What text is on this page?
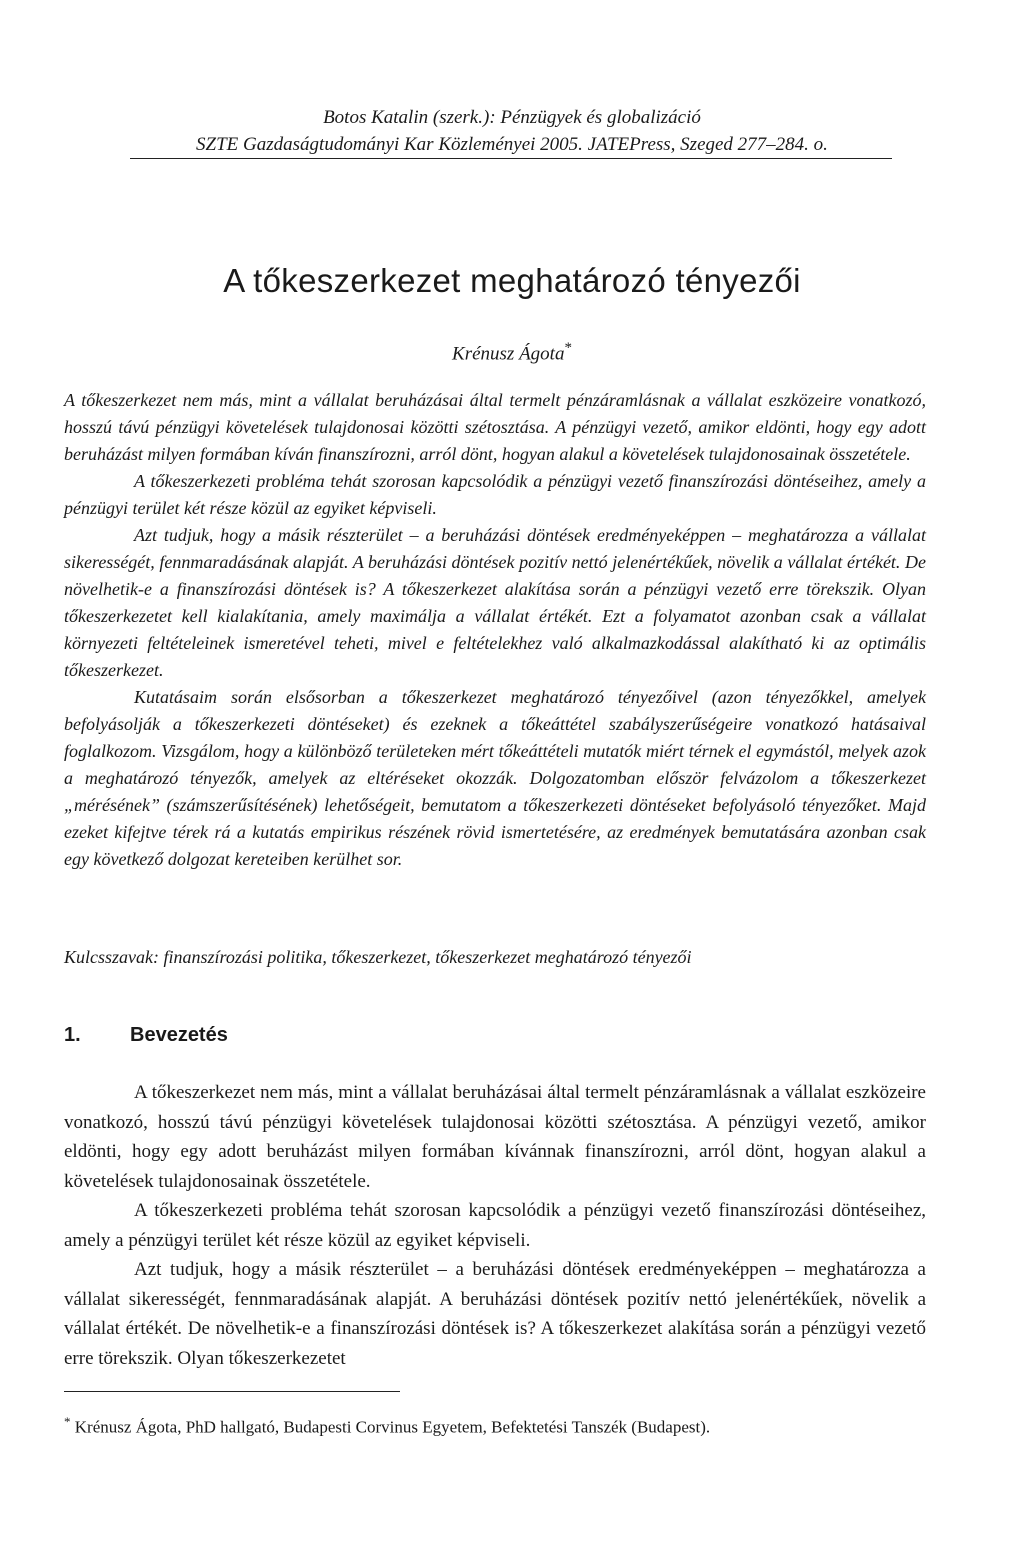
Botos Katalin (szerk.): Pénzügyek és globalizáció
SZTE Gazdaságtudományi Kar Közleményei 2005. JATEPress, Szeged 277–284. o.
A tőkeszerkezet meghatározó tényezői
Krénusz Ágota*

A tőkeszerkezet nem más, mint a vállalat beruházásai által termelt pénzáramlásnak a vállalat eszközeire vonatkozó, hosszú távú pénzügyi követelések tulajdonosai közötti szétosztása. A pénzügyi vezető, amikor eldönti, hogy egy adott beruházást milyen formában kíván finanszírozni, arról dönt, hogyan alakul a követelések tulajdonosainak összetétele.

A tőkeszerkezeti probléma tehát szorosan kapcsolódik a pénzügyi vezető finanszírozási döntéseihez, amely a pénzügyi terület két része közül az egyiket képviseli.

Azt tudjuk, hogy a másik részterület – a beruházási döntések eredményeképpen – meghatározza a vállalat sikerességét, fennmaradásának alapját. A beruházási döntések pozitív nettó jelenértékűek, növelik a vállalat értékét. De növelhetik-e a finanszírozási döntések is? A tőkeszerkezet alakítása során a pénzügyi vezető erre törekszik. Olyan tőkeszerkezetet kell kialakítania, amely maximálja a vállalat értékét. Ezt a folyamatot azonban csak a vállalat környezeti feltételeinek ismeretével teheti, mivel e feltételekhez való alkalmazkodással alakítható ki az optimális tőkeszerkezet.

Kutatásaim során elsősorban a tőkeszerkezet meghatározó tényezőivel (azon tényezőkkel, amelyek befolyásolják a tőkeszerkezeti döntéseket) és ezeknek a tőkeáttétel szabályszerűségeire vonatkozó hatásaival foglalkozom. Vizsgálom, hogy a különböző területeken mért tőkeáttételi mutatók miért térnek el egymástól, melyek azok a meghatározó tényezők, amelyek az eltéréseket okozzák. Dolgozatomban először felvázolom a tőkeszerkezet „mérésének” (számszerűsítésének) lehetőségeit, bemutatom a tőkeszerkezeti döntéseket befolyásoló tényezőket. Majd ezeket kifejtve térek rá a kutatás empirikus részének rövid ismertetésére, az eredmények bemutatására azonban csak egy következő dolgozat kereteiben kerülhet sor.

Kulcsszavak: finanszírozási politika, tőkeszerkezet, tőkeszerkezet meghatározó tényezői
1. Bevezetés

A tőkeszerkezet nem más, mint a vállalat beruházásai által termelt pénzáramlásnak a vállalat eszközeire vonatkozó, hosszú távú pénzügyi követelések tulajdonosai közötti szétosztása. A pénzügyi vezető, amikor eldönti, hogy egy adott beruházást milyen formában kívánnak finanszírozni, arról dönt, hogyan alakul a követelések tulajdonosainak összetétele.

A tőkeszerkezeti probléma tehát szorosan kapcsolódik a pénzügyi vezető finanszírozási döntéseihez, amely a pénzügyi terület két része közül az egyiket képviseli.

Azt tudjuk, hogy a másik részterület – a beruházási döntések eredményeképpen – meghatározza a vállalat sikerességét, fennmaradásának alapját. A beruházási döntések pozitív nettó jelenértékűek, növelik a vállalat értékét. De növelhetik-e a finanszírozási döntések is? A tőkeszerkezet alakítása során a pénzügyi vezető erre törekszik. Olyan tőkeszerkezetet

* Krénusz Ágota, PhD hallgató, Budapesti Corvinus Egyetem, Befektetési Tanszék (Budapest).
